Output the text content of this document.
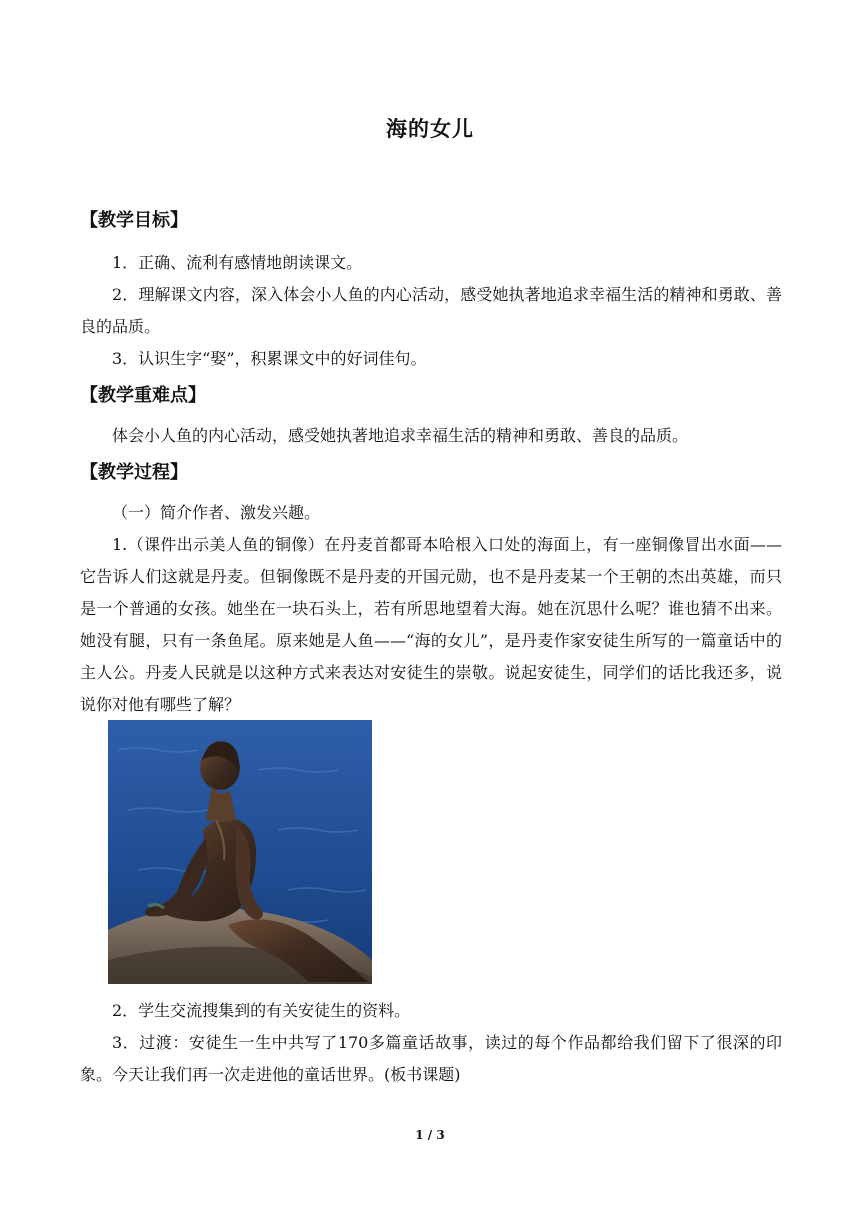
海的女儿
【教学目标】
1．正确、流利有感情地朗读课文。
2．理解课文内容，深入体会小人鱼的内心活动，感受她执著地追求幸福生活的精神和勇敢、善良的品质。
3．认识生字“娶”，积累课文中的好词佳句。
【教学重难点】
体会小人鱼的内心活动，感受她执著地追求幸福生活的精神和勇敢、善良的品质。
【教学过程】
（一）简介作者、激发兴趣。
1.（课件出示美人鱼的铜像）在丹麦首都哥本哈根入口处的海面上，有一座铜像冒出水面——它告诉人们这就是丹麦。但铜像既不是丹麦的开国元勋，也不是丹麦某一个王朝的杰出英雄，而只是一个普通的女孩。她坐在一块石头上，若有所思地望着大海。她在沉思什么呢？谁也猜不出来。她没有腿，只有一条鱼尾。原来她是人鱼——“海的女儿”，是丹麦作家安徒生所写的一篇童话中的主人公。丹麦人民就是以这种方式来表达对安徒生的崇敬。说起安徒生，同学们的话比我还多，说说你对他有哪些了解？
2．学生交流搜集到的有关安徒生的资料。
3．过渡：安徒生一生中共写了170多篇童话故事，读过的每个作品都给我们留下了很深的印象。今天让我们再一次走进他的童话世界。(板书课题)
1 / 3
